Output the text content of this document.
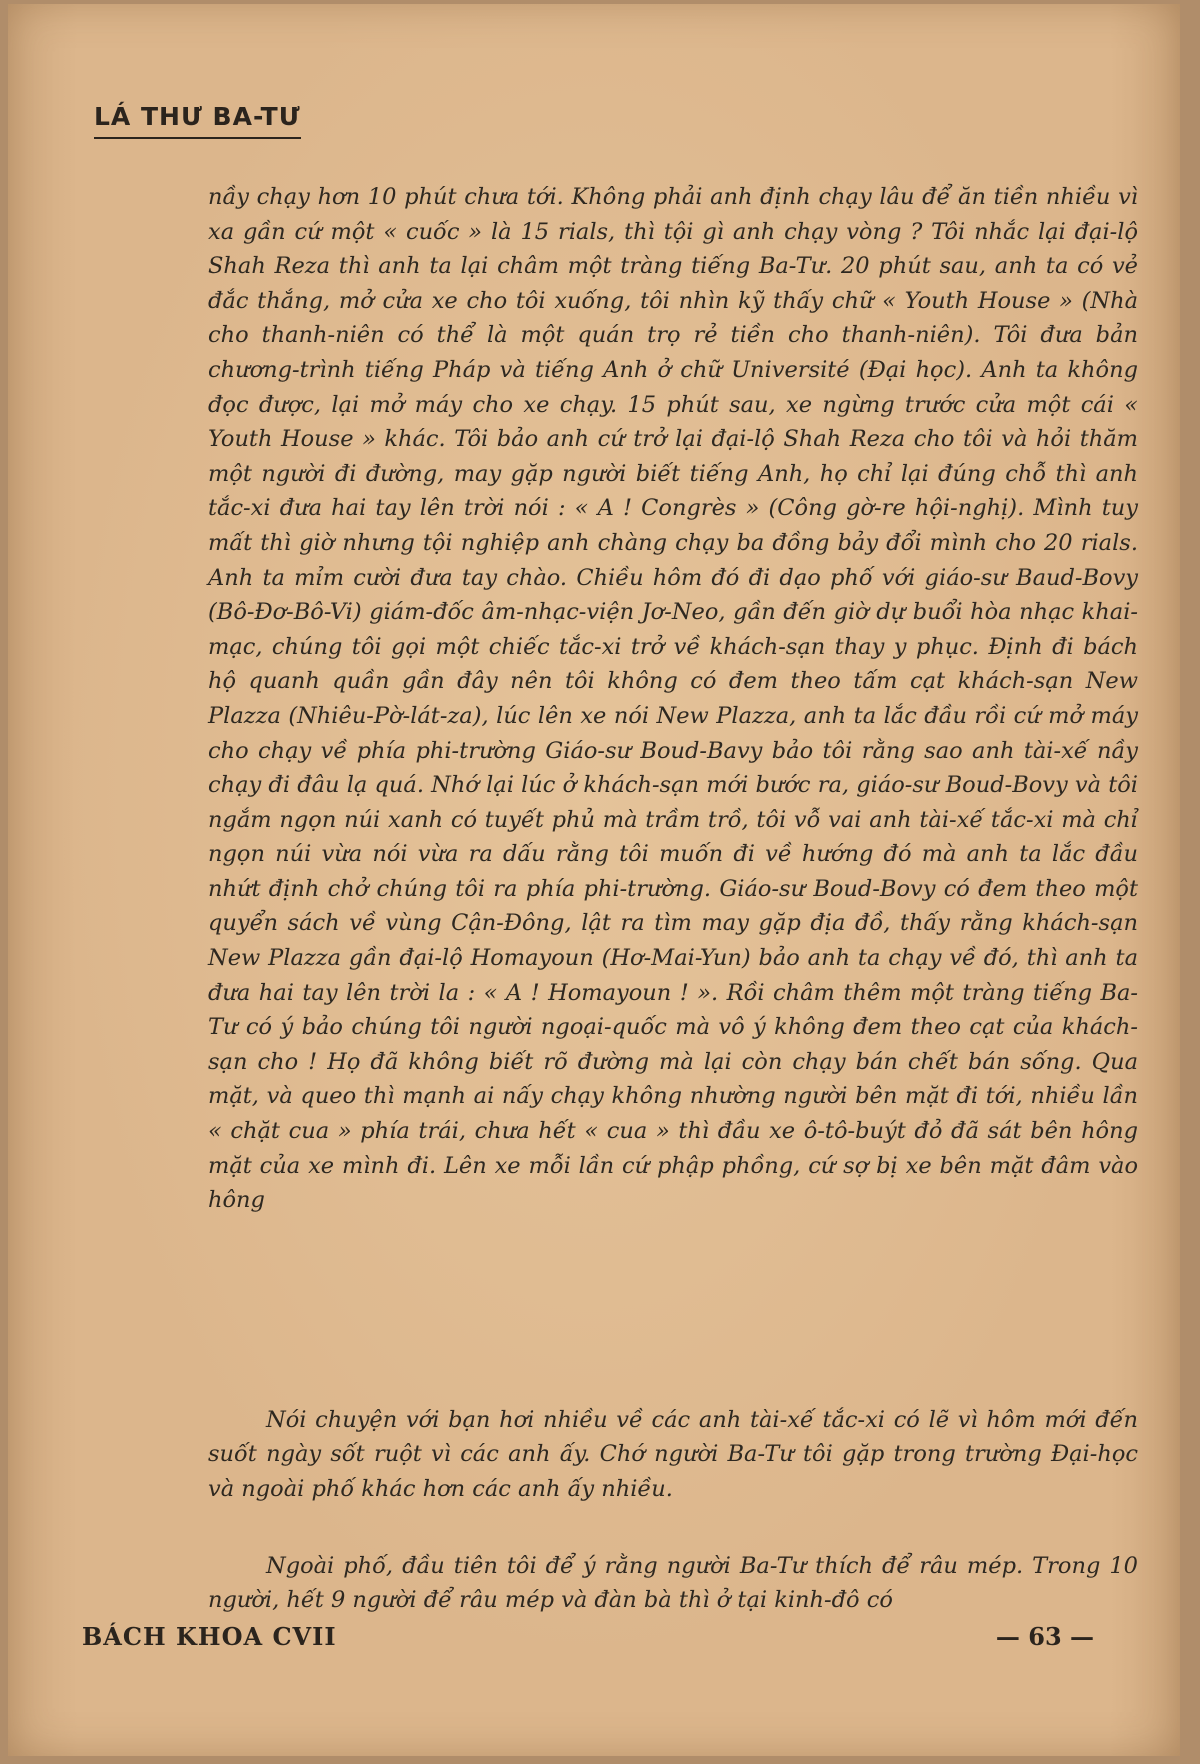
LÁ THƯ BA-TƯ

nầy chạy hơn 10 phút chưa tới. Không phải anh định chạy lâu để ăn tiền nhiều vì xa gần cứ một « cuốc » là 15 rials, thì tội gì anh chạy vòng ? Tôi nhắc lại đại-lộ Shah Reza thì anh ta lại châm một tràng tiếng Ba-Tư. 20 phút sau, anh ta có vẻ đắc thắng, mở cửa xe cho tôi xuống, tôi nhìn kỹ thấy chữ « Youth House » (Nhà cho thanh-niên có thể là một quán trọ rẻ tiền cho thanh-niên). Tôi đưa bản chương-trình tiếng Pháp và tiếng Anh ở chữ Université (Đại học). Anh ta không đọc được, lại mở máy cho xe chạy. 15 phút sau, xe ngừng trước cửa một cái « Youth House » khác. Tôi bảo anh cứ trở lại đại-lộ Shah Reza cho tôi và hỏi thăm một người đi đường, may gặp người biết tiếng Anh, họ chỉ lại đúng chỗ thì anh tắc-xi đưa hai tay lên trời nói : « A ! Congrès » (Công gờ-re hội-nghị). Mình tuy mất thì giờ nhưng tội nghiệp anh chàng chạy ba đồng bảy đổi mình cho 20 rials. Anh ta mỉm cười đưa tay chào. Chiều hôm đó đi dạo phố với giáo-sư Baud-Bovy (Bô-Đơ-Bô-Vi) giám-đốc âm-nhạc-viện Jơ-Neo, gần đến giờ dự buổi hòa nhạc khai-mạc, chúng tôi gọi một chiếc tắc-xi trở về khách-sạn thay y phục. Định đi bách hộ quanh quần gần đây nên tôi không có đem theo tấm cạt khách-sạn New Plazza (Nhiêu-Pờ-lát-za), lúc lên xe nói New Plazza, anh ta lắc đầu rồi cứ mở máy cho chạy về phía phi-trường Giáo-sư Boud-Bavy bảo tôi rằng sao anh tài-xế nầy chạy đi đâu lạ quá. Nhớ lại lúc ở khách-sạn mới bước ra, giáo-sư Boud-Bovy và tôi ngắm ngọn núi xanh có tuyết phủ mà trầm trồ, tôi vỗ vai anh tài-xế tắc-xi mà chỉ ngọn núi vừa nói vừa ra dấu rằng tôi muốn đi về hướng đó mà anh ta lắc đầu nhứt định chở chúng tôi ra phía phi-trường. Giáo-sư Boud-Bovy có đem theo một quyển sách về vùng Cận-Đông, lật ra tìm may gặp địa đồ, thấy rằng khách-sạn New Plazza gần đại-lộ Homayoun (Hơ-Mai-Yun) bảo anh ta chạy về đó, thì anh ta đưa hai tay lên trời la : « A ! Homayoun ! ». Rồi châm thêm một tràng tiếng Ba-Tư có ý bảo chúng tôi người ngoại-quốc mà vô ý không đem theo cạt của khách-sạn cho ! Họ đã không biết rõ đường mà lại còn chạy bán chết bán sống. Qua mặt, và queo thì mạnh ai nấy chạy không nhường người bên mặt đi tới, nhiều lần « chặt cua » phía trái, chưa hết « cua » thì đầu xe ô-tô-buýt đỏ đã sát bên hông mặt của xe mình đi. Lên xe mỗi lần cứ phập phồng, cứ sợ bị xe bên mặt đâm vào hông

Nói chuyện với bạn hơi nhiều về các anh tài-xế tắc-xi có lẽ vì hôm mới đến suốt ngày sốt ruột vì các anh ấy. Chớ người Ba-Tư tôi gặp trong trường Đại-học và ngoài phố khác hơn các anh ấy nhiều.

Ngoài phố, đầu tiên tôi để ý rằng người Ba-Tư thích để râu mép. Trong 10 người, hết 9 người để râu mép và đàn bà thì ở tại kinh-đô có

BÁCH KHOA CVII	— 63 —
